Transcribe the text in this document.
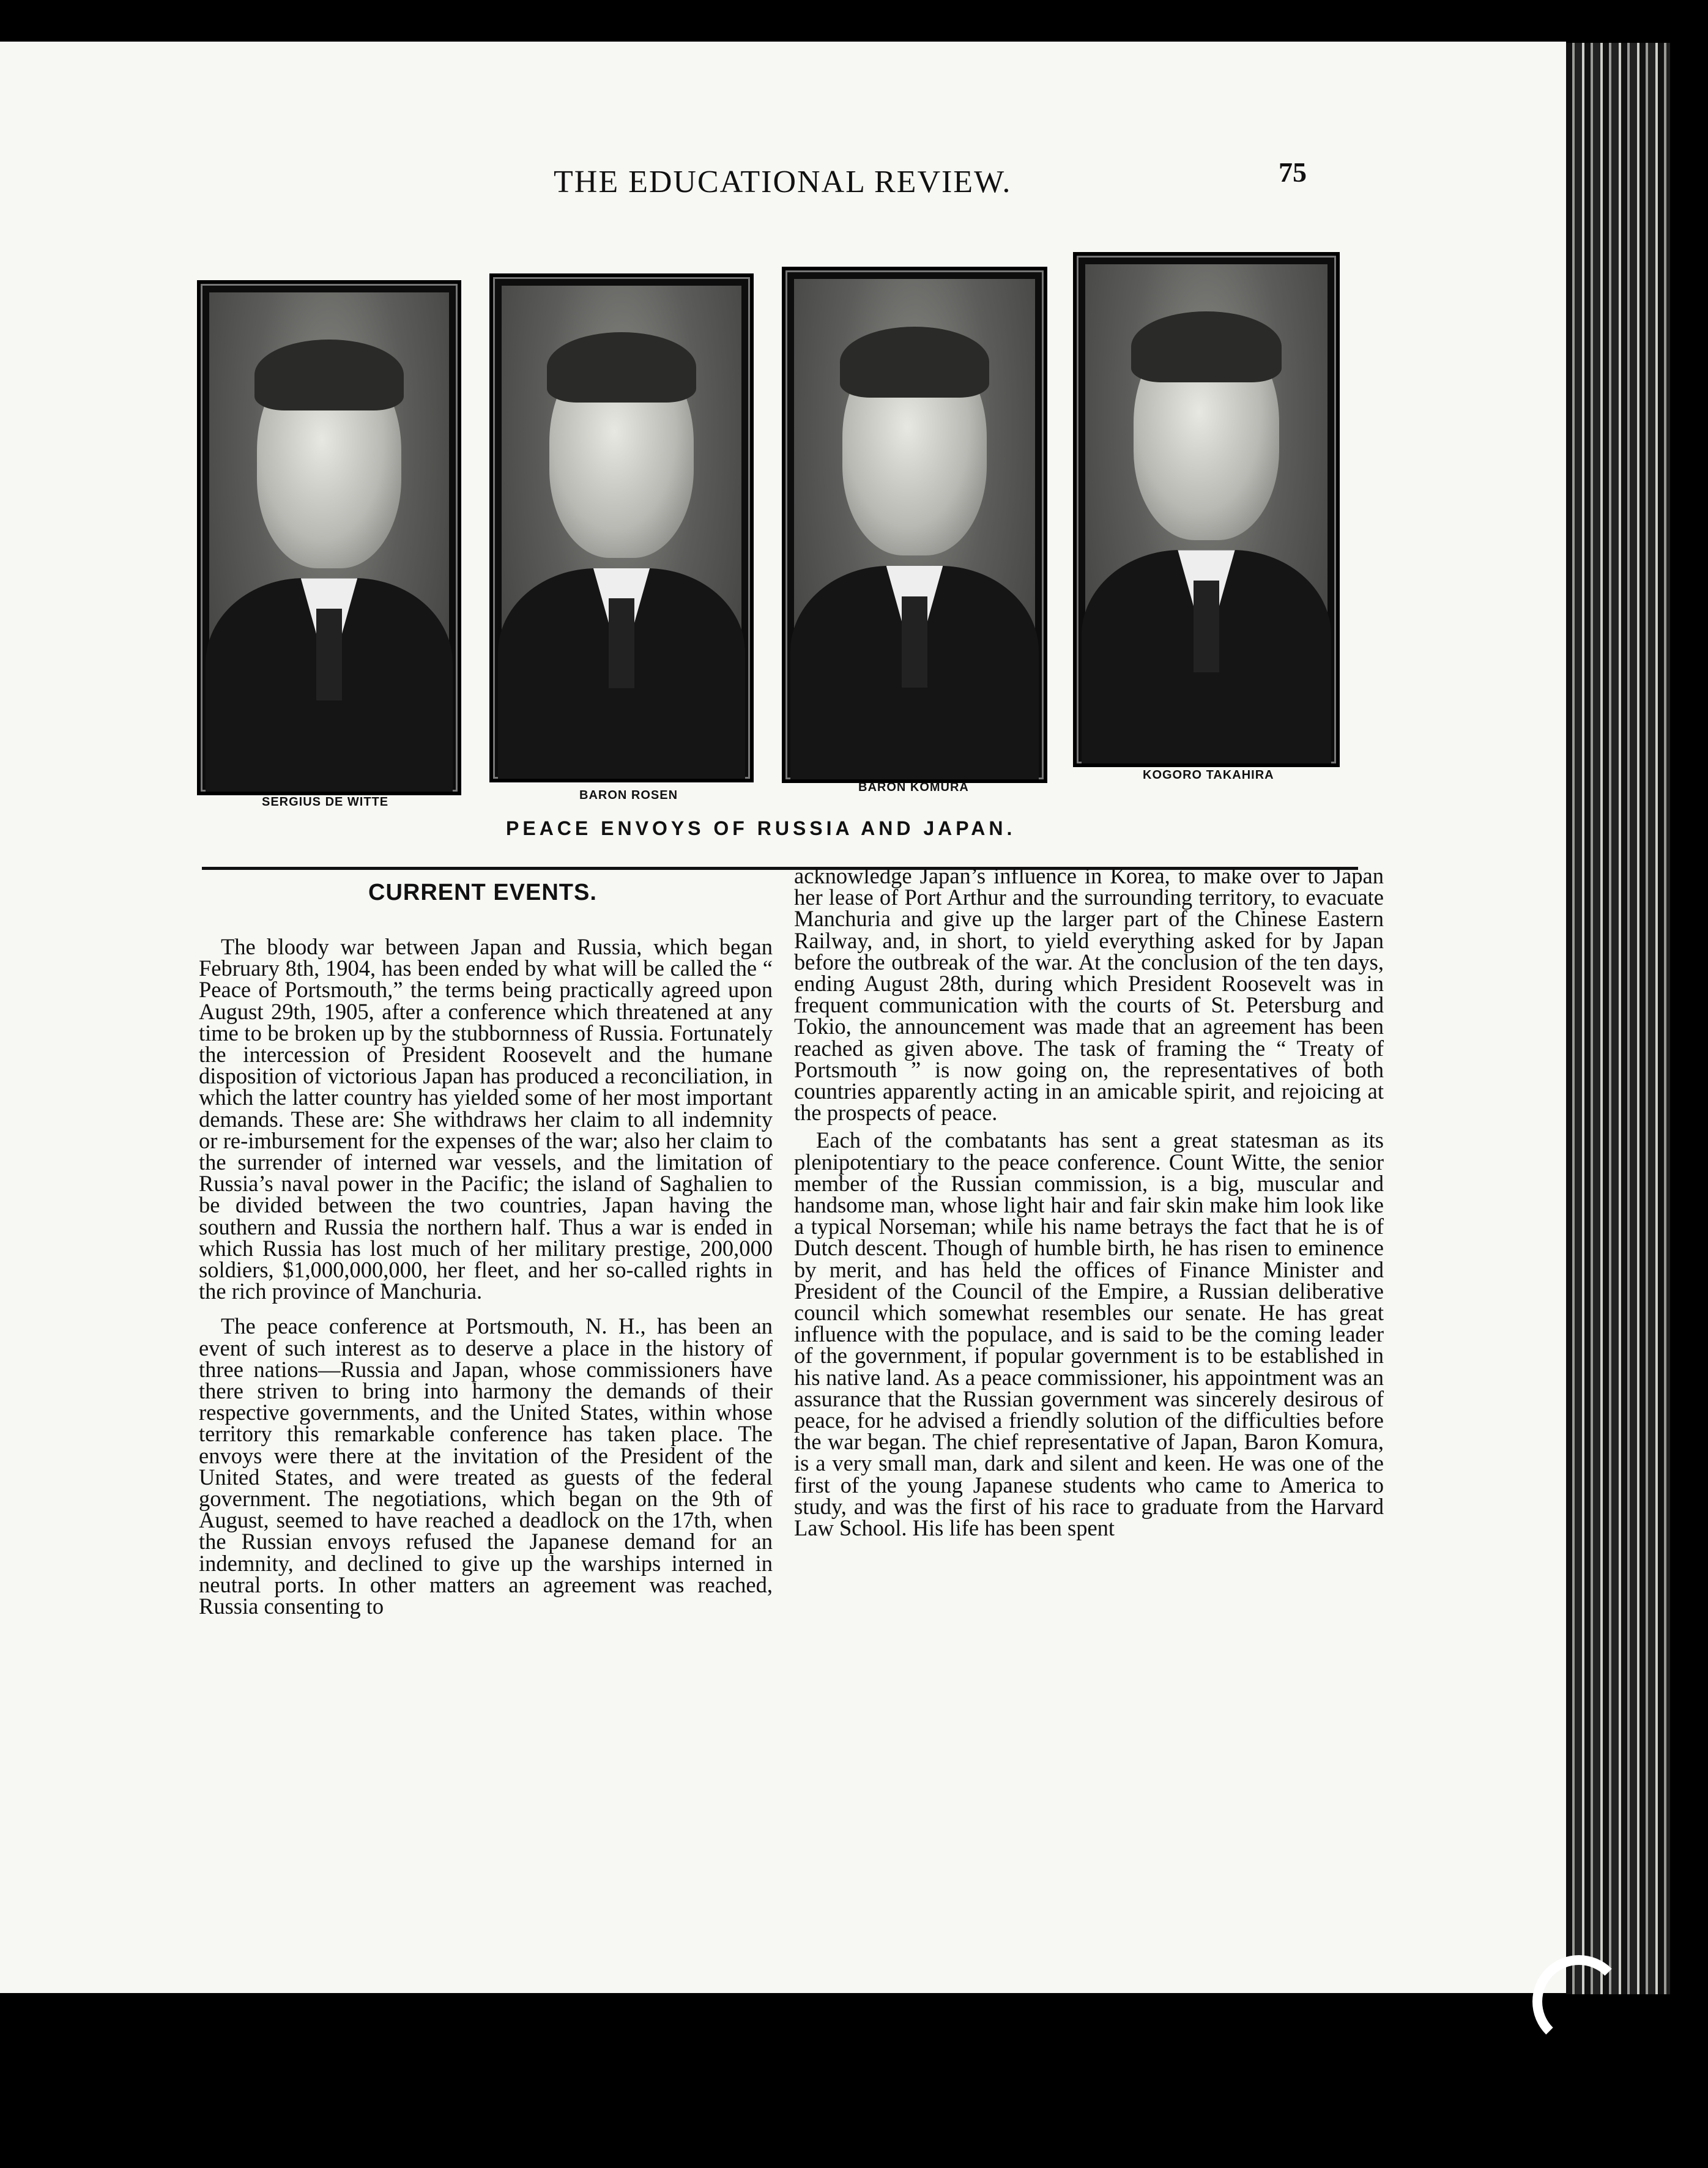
THE EDUCATIONAL REVIEW.	75
SERGIUS DE WITTE	BARON ROSEN
BARON KOMURA
KOGORO TAKAHIRA
PEACE ENVOYS OF RUSSIA AND JAPAN.
CURRENT EVENTS.

The bloody war between Japan and Russia, which began February 8th, 1904, has been ended by what will be called the “ Peace of Portsmouth,” the terms being practically agreed upon August 29th, 1905, after a conference which threatened at any time to be broken up by the stubbornness of Russia. Fortunately the intercession of President Roosevelt and the humane disposition of victorious Japan has produced a reconciliation, in which the latter country has yielded some of her most important demands. These are: She withdraws her claim to all indemnity or re-imbursement for the expenses of the war; also her claim to the surrender of interned war vessels, and the limitation of Russia’s naval power in the Pacific; the island of Saghalien to be divided between the two countries, Japan having the southern and Russia the northern half. Thus a war is ended in which Russia has lost much of her military prestige, 200,000 soldiers, $1,000,000,000, her fleet, and her so-called rights in the rich province of Manchuria.

The peace conference at Portsmouth, N. H., has been an event of such interest as to deserve a place in the history of three nations—Russia and Japan, whose commissioners have there striven to bring into harmony the demands of their respective governments, and the United States, within whose territory this remarkable conference has taken place. The envoys were there at the invitation of the President of the United States, and were treated as guests of the federal government. The negotiations, which began on the 9th of August, seemed to have reached a deadlock on the 17th, when the Russian envoys refused the Japanese demand for an indemnity, and declined to give up the warships interned in neutral ports. In other matters an agreement was reached, Russia consenting to

acknowledge Japan’s influence in Korea, to make over to Japan her lease of Port Arthur and the surrounding territory, to evacuate Manchuria and give up the larger part of the Chinese Eastern Railway, and, in short, to yield everything asked for by Japan before the outbreak of the war. At the conclusion of the ten days, ending August 28th, during which President Roosevelt was in frequent communication with the courts of St. Petersburg and Tokio, the announcement was made that an agreement has been reached as given above. The task of framing the “ Treaty of Portsmouth ” is now going on, the representatives of both countries apparently acting in an amicable spirit, and rejoicing at the prospects of peace.

Each of the combatants has sent a great statesman as its plenipotentiary to the peace conference. Count Witte, the senior member of the Russian commission, is a big, muscular and handsome man, whose light hair and fair skin make him look like a typical Norseman; while his name betrays the fact that he is of Dutch descent. Though of humble birth, he has risen to eminence by merit, and has held the offices of Finance Minister and President of the Council of the Empire, a Russian deliberative council which somewhat resembles our senate. He has great influence with the populace, and is said to be the coming leader of the government, if popular government is to be established in his native land. As a peace commissioner, his appointment was an assurance that the Russian government was sincerely desirous of peace, for he advised a friendly solution of the difficulties before the war began. The chief representative of Japan, Baron Komura, is a very small man, dark and silent and keen. He was one of the first of the young Japanese students who came to America to study, and was the first of his race to graduate from the Harvard Law School. His life has been spent
